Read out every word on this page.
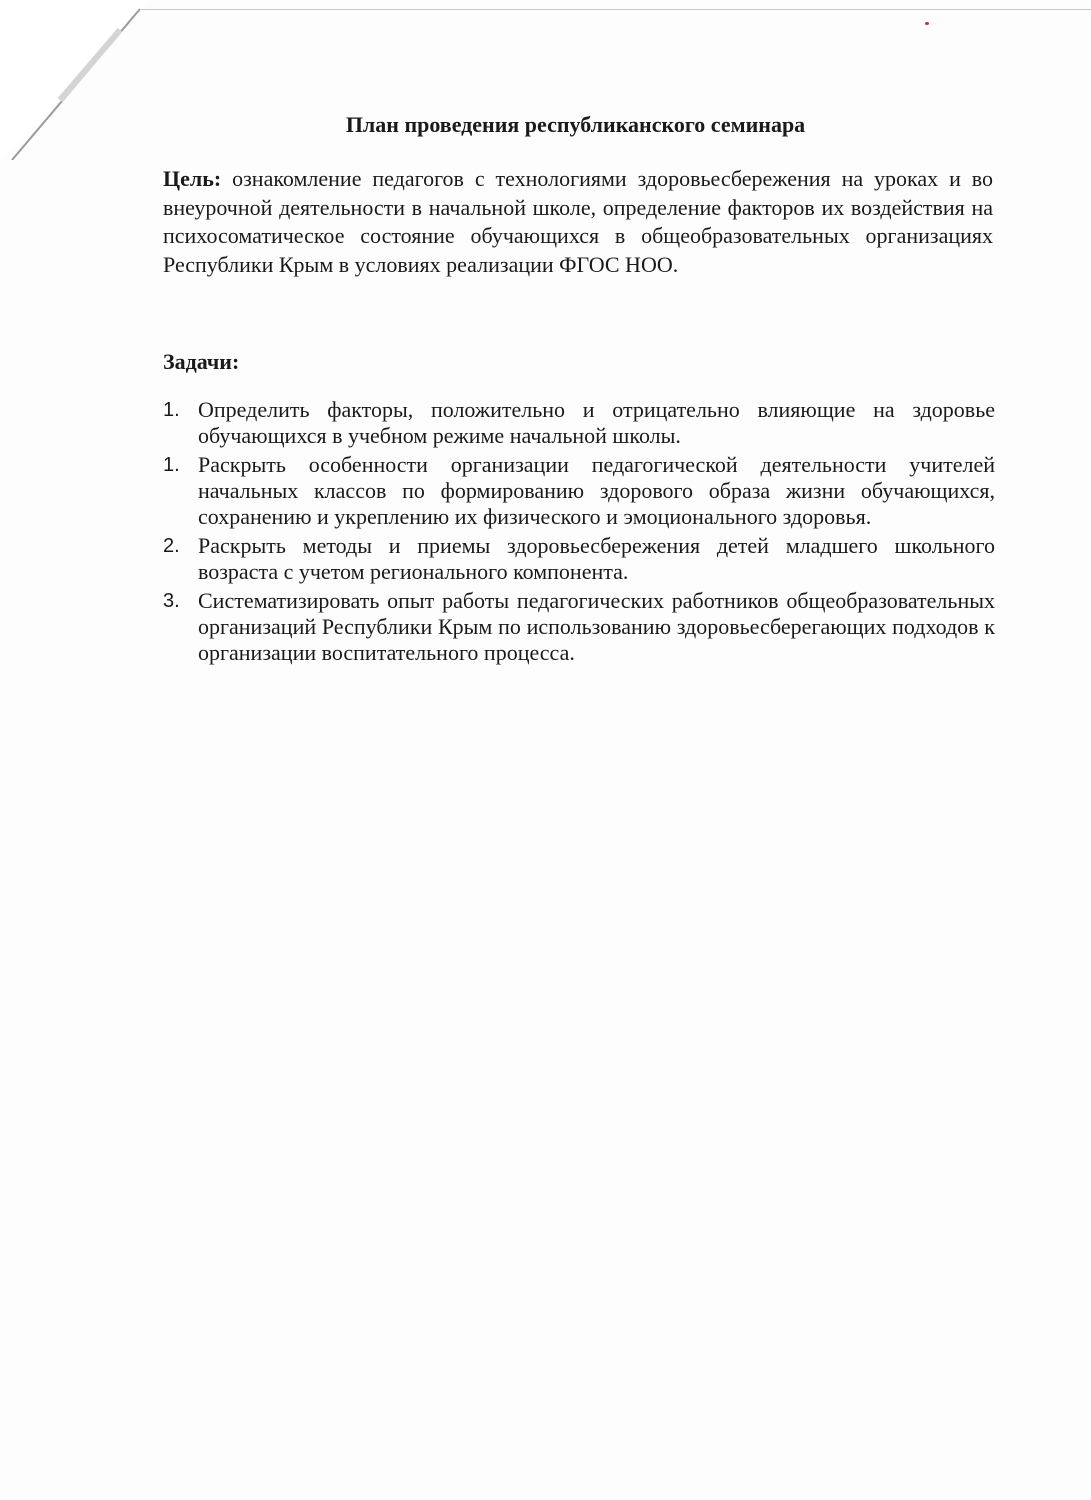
План проведения республиканского семинара
Цель: ознакомление педагогов с технологиями здоровьесбережения на уроках и во внеурочной деятельности в начальной школе, определение факторов их воздействия на психосоматическое состояние обучающихся в общеобразовательных организациях Республики Крым в условиях реализации ФГОС НОО.
Задачи:
1. Определить факторы, положительно и отрицательно влияющие на здоровье обучающихся в учебном режиме начальной школы.
1. Раскрыть особенности организации педагогической деятельности учителей начальных классов по формированию здорового образа жизни обучающихся, сохранению и укреплению их физического и эмоционального здоровья.
2. Раскрыть методы и приемы здоровьесбережения детей младшего школьного возраста с учетом регионального компонента.
3. Систематизировать опыт работы педагогических работников общеобразовательных организаций Республики Крым по использованию здоровьесберегающих подходов к организации воспитательного процесса.
